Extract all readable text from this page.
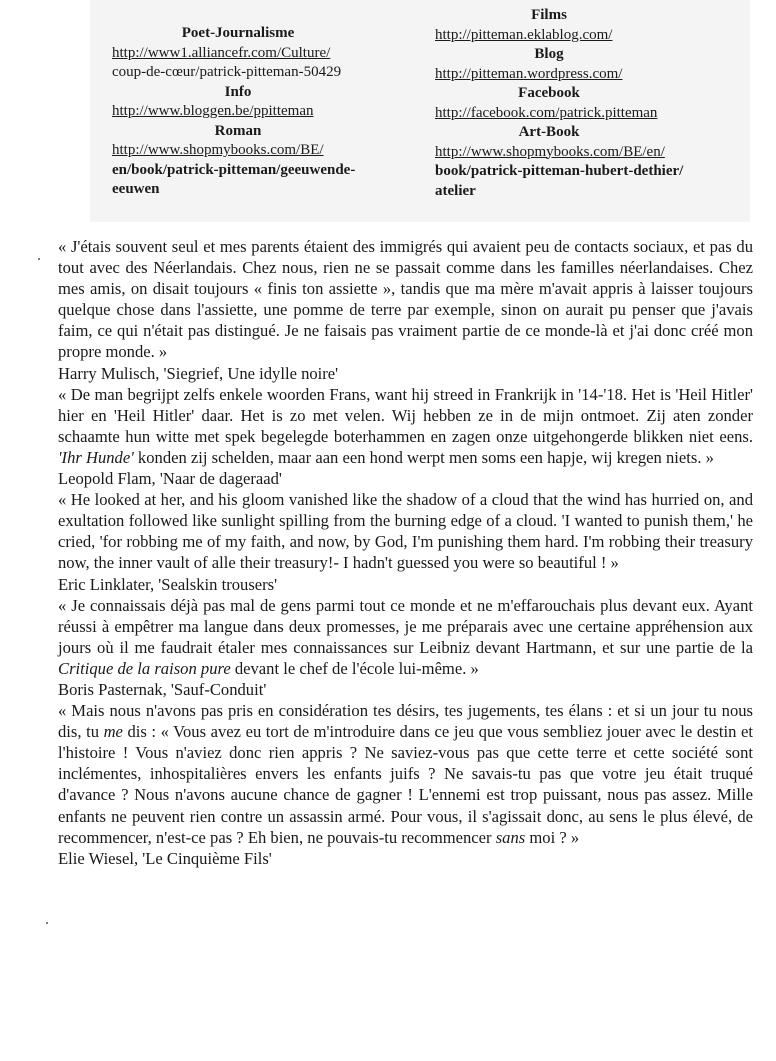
Poet-Journalisme
http://www1.alliancefr.com/Culture/
coup-de-cœur/patrick-pitteman-50429
Info
http://www.bloggen.be/ppitteman
Roman
http://www.shopmybooks.com/BE/
en/book/patrick-pitteman/geeuwende-
eeuwen
Films
http://pitteman.eklablog.com/
Blog
http://pitteman.wordpress.com/
Facebook
http://facebook.com/patrick.pitteman
Art-Book
http://www.shopmybooks.com/BE/en/
book/patrick-pitteman-hubert-dethier/
atelier

« J'étais souvent seul et mes parents étaient des immigrés qui avaient peu de contacts sociaux, et pas du tout avec des Néerlandais. Chez nous, rien ne se passait comme dans les familles néerlandaises. Chez mes amis, on disait toujours « finis ton assiette », tandis que ma mère m'avait appris à laisser toujours quelque chose dans l'assiette, une pomme de terre par exemple, sinon on aurait pu penser que j'avais faim, ce qui n'était pas distingué. Je ne faisais pas vraiment partie de ce monde-là et j'ai donc créé mon propre monde. »

Harry Mulisch, 'Siegrief, Une idylle noire'

« De man begrijpt zelfs enkele woorden Frans, want hij streed in Frankrijk in '14-'18. Het is 'Heil Hitler' hier en 'Heil Hitler' daar. Het is zo met velen. Wij hebben ze in de mijn ontmoet. Zij aten zonder schaamte hun witte met spek begelegde boterhammen en zagen onze uitgehongerde blikken niet eens. 'Ihr Hunde' konden zij schelden, maar aan een hond werpt men soms een hapje, wij kregen niets. »

Leopold Flam, 'Naar de dageraad'

« He looked at her, and his gloom vanished like the shadow of a cloud that the wind has hurried on, and exultation followed like sunlight spilling from the burning edge of a cloud. 'I wanted to punish them,' he cried, 'for robbing me of my faith, and now, by God, I'm punishing them hard. I'm robbing their treasury now, the inner vault of alle their treasury!- I hadn't guessed you were so beautiful ! »

Eric Linklater, 'Sealskin trousers'

« Je connaissais déjà pas mal de gens parmi tout ce monde et ne m'effarouchais plus devant eux. Ayant réussi à empêtrer ma langue dans deux promesses, je me préparais avec une certaine appréhension aux jours où il me faudrait étaler mes connaissances sur Leibniz devant Hartmann, et sur une partie de la Critique de la raison pure devant le chef de l'école lui-même. »

Boris Pasternak, 'Sauf-Conduit'

« Mais nous n'avons pas pris en considération tes désirs, tes jugements, tes élans : et si un jour tu nous dis, tu me dis : « Vous avez eu tort de m'introduire dans ce jeu que vous sembliez jouer avec le destin et l'histoire ! Vous n'aviez donc rien appris ? Ne saviez-vous pas que cette terre et cette société sont inclémentes, inhospitalières envers les enfants juifs ? Ne savais-tu pas que votre jeu était truqué d'avance ? Nous n'avons aucune chance de gagner ! L'ennemi est trop puissant, nous pas assez. Mille enfants ne peuvent rien contre un assassin armé. Pour vous, il s'agissait donc, au sens le plus élevé, de recommencer, n'est-ce pas ? Eh bien, ne pouvais-tu recommencer sans moi ? »

Elie Wiesel, 'Le Cinquième Fils'
